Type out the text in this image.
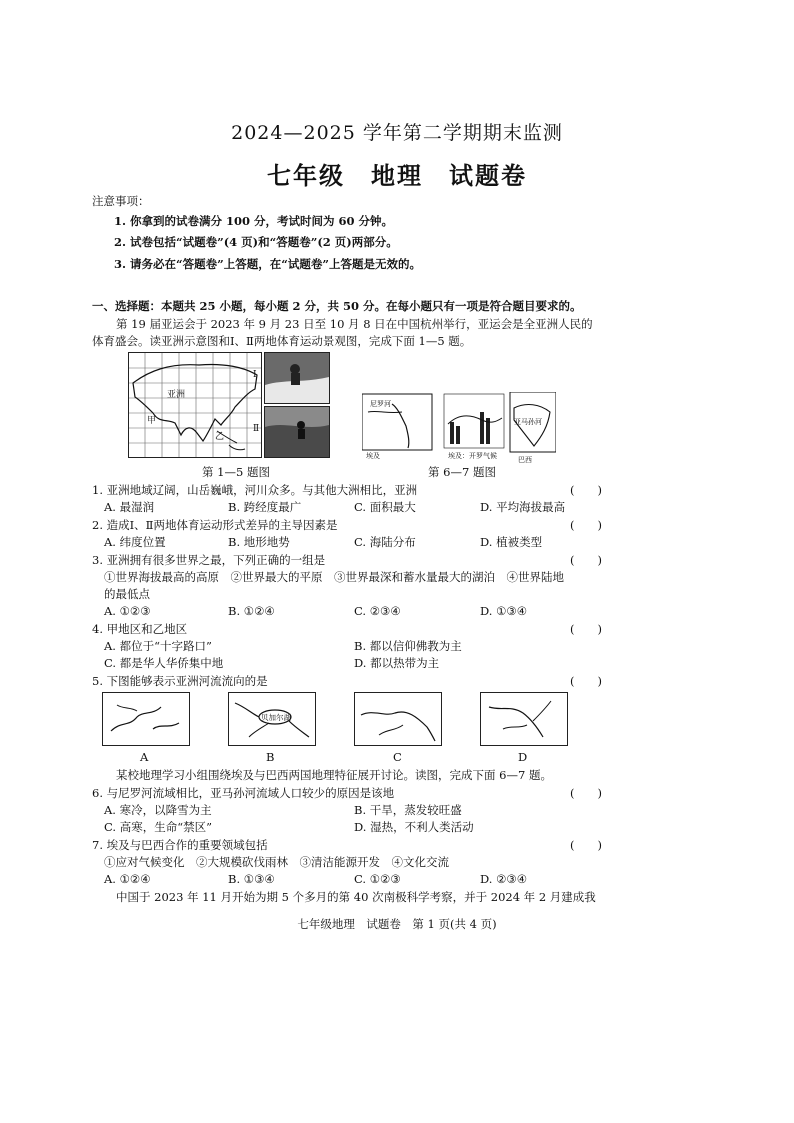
2024—2025 学年第二学期期末监测
七年级　地理　试题卷
注意事项：
1. 你拿到的试卷满分 100 分，考试时间为 60 分钟。
2. 试卷包括“试题卷”(4 页)和“答题卷”(2 页)两部分。
3. 请务必在“答题卷”上答题，在“试题卷”上答题是无效的。
一、选择题：本题共 25 小题，每小题 2 分，共 50 分。在每小题只有一项是符合题目要求的。
第 19 届亚运会于 2023 年 9 月 23 日至 10 月 8 日在中国杭州举行，亚运会是全亚洲人民的
体育盛会。读亚洲示意图和Ⅰ、Ⅱ两地体育运动景观图，完成下面 1—5 题。
亚洲
甲
乙
Ⅰ
Ⅱ
第 1—5 题图
埃及	巴西
亚马孙河
尼罗河
埃及：开罗气候
第 6—7 题图
1. 亚洲地域辽阔，山岳巍峨，河川众多。与其他大洲相比，亚洲	(　　)
A. 最湿润	B. 跨经度最广	C. 面积最大	D. 平均海拔最高
2. 造成Ⅰ、Ⅱ两地体育运动形式差异的主导因素是	(　　)
A. 纬度位置	B. 地形地势	C. 海陆分布	D. 植被类型
3. 亚洲拥有很多世界之最，下列正确的一组是	(　　)
①世界海拔最高的高原　②世界最大的平原　③世界最深和蓄水量最大的湖泊　④世界陆地
的最低点
A. ①②③	B. ①②④	C. ②③④	D. ①③④
4. 甲地区和乙地区	(　　)
A. 都位于“十字路口”	B. 都以信仰佛教为主
C. 都是华人华侨集中地	D. 都以热带为主
5. 下图能够表示亚洲河流流向的是	(　　)
贝加尔湖
A	B	C	D
某校地理学习小组围绕埃及与巴西两国地理特征展开讨论。读图，完成下面 6—7 题。
6. 与尼罗河流域相比，亚马孙河流域人口较少的原因是该地	(　　)
A. 寒冷，以降雪为主	B. 干旱，蒸发较旺盛
C. 高寒，生命“禁区”	D. 湿热，不利人类活动
7. 埃及与巴西合作的重要领域包括	(　　)
①应对气候变化　②大规模砍伐雨林　③清洁能源开发　④文化交流
A. ①②④	B. ①③④	C. ①②③	D. ②③④
中国于 2023 年 11 月开始为期 5 个多月的第 40 次南极科学考察，并于 2024 年 2 月建成我
七年级地理　试题卷　第 1 页(共 4 页)
